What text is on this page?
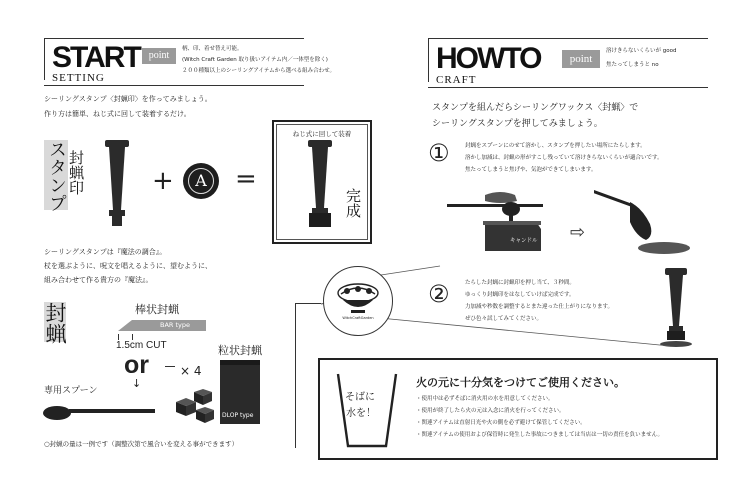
START
SETTING
point
柄、印、着せ替え可能。
(Witch Craft Garden 取り扱いアイテム内／一体型を除く)
２００種類以上のシーリングアイテムから選べる組み合わせ。
シーリングスタンプ〈封蝋印〉を作ってみましょう。
作り方は簡単、ねじ式に回して装着するだけ。
スタンプ 封蝋印	+	A	=
ねじ式に回して装着
完成
シーリングスタンプは『魔法の調合』。
杖を選ぶように、呪文を唱えるように、望むように、
組み合わせて作る貴方の『魔法』。
封蝋	棒状封蝋
BAR type
1.5cm CUT
or
↓
× 4
粒状封蝋
DLOP type
専用スプーン
○封蝋の量は一例です（調整次第で風合いを変える事ができます）
HOWTO
CRAFT
point
溶けきらないくらいが good
焦たってしまうと no
スタンプを組んだらシーリングワックス〈封蝋〉で
シーリングスタンプを押してみましょう。
①	封蝋をスプーンにのせて溶かし、スタンプを押したい場所にたらします。
溶かし加減は、封蝋の形がすこし残っていて溶けきらないくらいが適合いです。
焦たってしまうと焦げや、気泡ができてしまいます。
キャンドル ⇨
②	たらした封蝋に封蝋印を押し当て、３秒間。
ゆっくり封蝋印をはなしていけば完成です。
力加減や秒数を調整するとまた違った仕上がりになります。
ぜひ色々試してみてください。
WitchCraftGarden
そばに
水を！
火の元に十分気をつけてご使用ください。
・使用中は必ずそばに消火用の水を用意してください。
・使用が終了したら火の元は入念に消火を行ってください。
・関連アイテムは直射日光や火の側を必ず避けて保管してください。
・関連アイテムの使用および保管時に発生した事故につきましては当店は一切の責任を負いません。
